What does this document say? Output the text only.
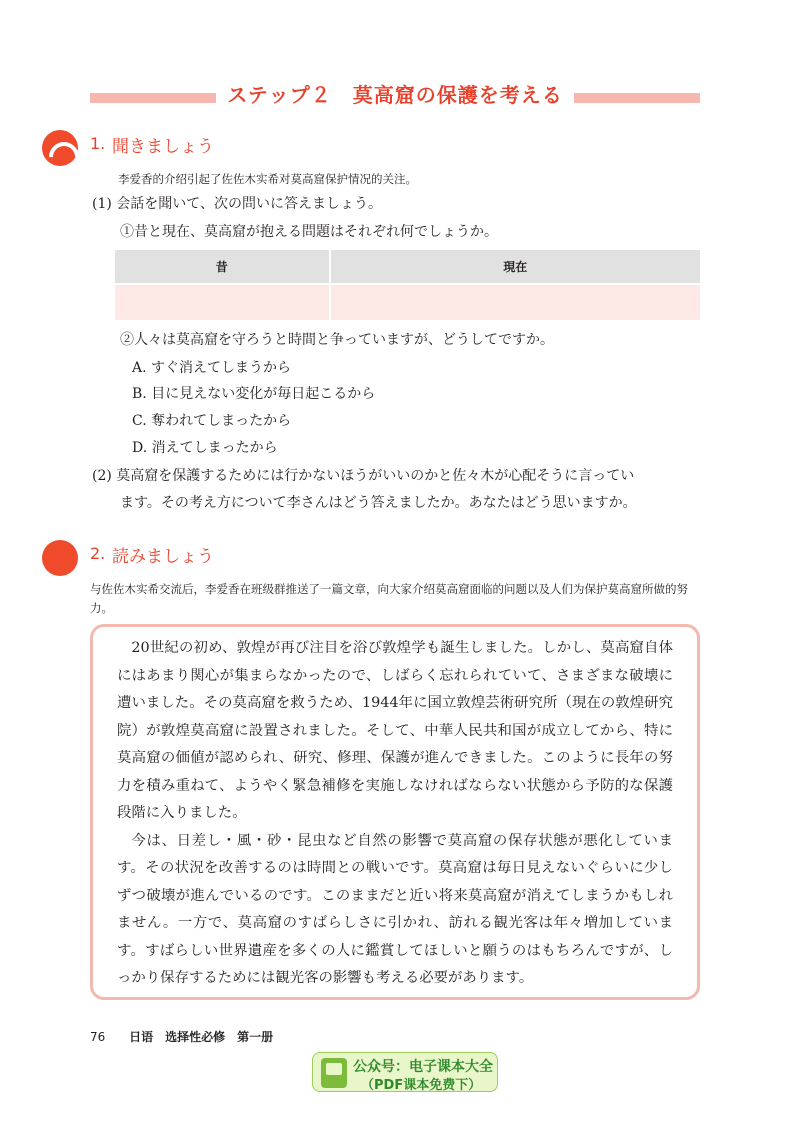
ステップ２　莫高窟の保護を考える
1. 聞きましょう
李爱香的介绍引起了佐佐木实希对莫高窟保护情况的关注。
(1) 会話を聞いて、次の問いに答えましょう。
①昔と現在、莫高窟が抱える問題はそれぞれ何でしょうか。
昔	現在

②人々は莫高窟を守ろうと時間と争っていますが、どうしてですか。
A. すぐ消えてしまうから
B. 目に見えない変化が毎日起こるから
C. 奪われてしまったから
D. 消えてしまったから
(2) 莫高窟を保護するためには行かないほうがいいのかと佐々木が心配そうに言ってい
ます。その考え方について李さんはどう答えましたか。あなたはどう思いますか。
2. 読みましょう
与佐佐木实希交流后，李爱香在班级群推送了一篇文章，向大家介绍莫高窟面临的问题以及人们为保护莫高窟所做的努力。

20世紀の初め、敦煌が再び注目を浴び敦煌学も誕生しました。しかし、莫高窟自体にはあまり関心が集まらなかったので、しばらく忘れられていて、さまざまな破壊に遭いました。その莫高窟を救うため、1944年に国立敦煌芸術研究所（現在の敦煌研究院）が敦煌莫高窟に設置されました。そして、中華人民共和国が成立してから、特に莫高窟の価値が認められ、研究、修理、保護が進んできました。このように長年の努力を積み重ねて、ようやく緊急補修を実施しなければならない状態から予防的な保護段階に入りました。

今は、日差し・風・砂・昆虫など自然の影響で莫高窟の保存状態が悪化しています。その状況を改善するのは時間との戦いです。莫高窟は毎日見えないぐらいに少しずつ破壊が進んでいるのです。このままだと近い将来莫高窟が消えてしまうかもしれません。一方で、莫高窟のすばらしさに引かれ、訪れる観光客は年々増加しています。すばらしい世界遺産を多くの人に鑑賞してほしいと願うのはもちろんですが、しっかり保存するためには観光客の影響も考える必要があります。

76 日语　选择性必修　第一册
公众号：电子课本大全
（PDF课本免费下）
